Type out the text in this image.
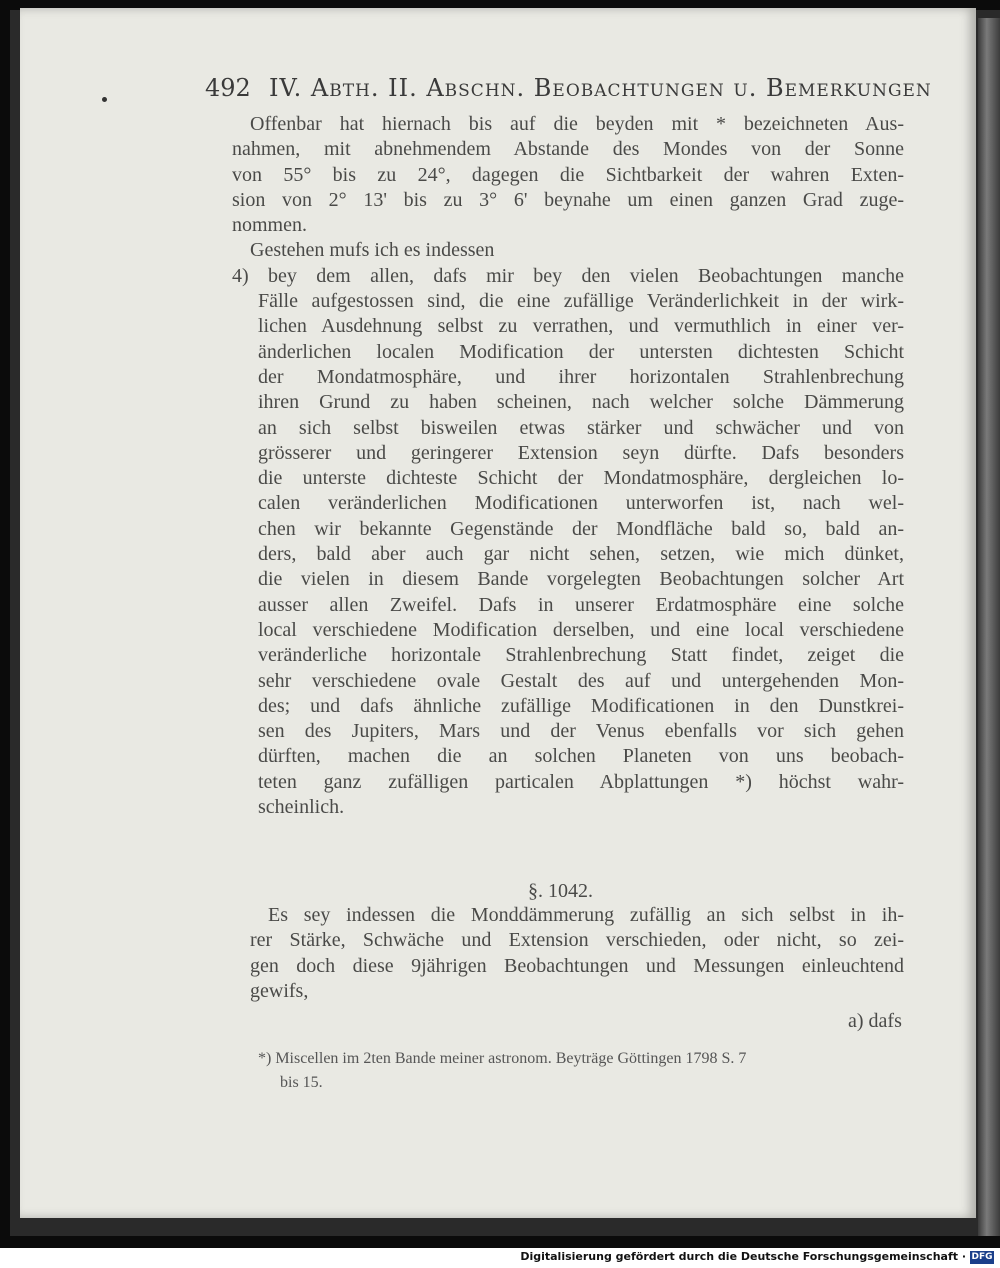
492 IV. Abth. II. Abschn. Beobachtungen u. Bemerkungen
Offenbar hat hiernach bis auf die beyden mit * bezeichneten Aus-
nahmen, mit abnehmendem Abstande des Mondes von der Sonne
von 55° bis zu 24°, dagegen die Sichtbarkeit der wahren Exten-
sion von 2° 13' bis zu 3° 6' beynahe um einen ganzen Grad zuge-
nommen.
Gestehen mufs ich es indessen
4) bey dem allen, dafs mir bey den vielen Beobachtungen manche
Fälle aufgestossen sind, die eine zufällige Veränderlichkeit in der wirk-
lichen Ausdehnung selbst zu verrathen, und vermuthlich in einer ver-
änderlichen localen Modification der untersten dichtesten Schicht
der Mondatmosphäre, und ihrer horizontalen Strahlenbrechung
ihren Grund zu haben scheinen, nach welcher solche Dämmerung
an sich selbst bisweilen etwas stärker und schwächer und von
grösserer und geringerer Extension seyn dürfte. Dafs besonders
die unterste dichteste Schicht der Mondatmosphäre, dergleichen lo-
calen veränderlichen Modificationen unterworfen ist, nach wel-
chen wir bekannte Gegenstände der Mondfläche bald so, bald an-
ders, bald aber auch gar nicht sehen, setzen, wie mich dünket,
die vielen in diesem Bande vorgelegten Beobachtungen solcher Art
ausser allen Zweifel. Dafs in unserer Erdatmosphäre eine solche
local verschiedene Modification derselben, und eine local verschiedene
veränderliche horizontale Strahlenbrechung Statt findet, zeiget die
sehr verschiedene ovale Gestalt des auf und untergehenden Mon-
des; und dafs ähnliche zufällige Modificationen in den Dunstkrei-
sen des Jupiters, Mars und der Venus ebenfalls vor sich gehen
dürften, machen die an solchen Planeten von uns beobach-
teten ganz zufälligen particalen Abplattungen *) höchst wahr-
scheinlich.
§. 1042.
Es sey indessen die Monddämmerung zufällig an sich selbst in ih-
rer Stärke, Schwäche und Extension verschieden, oder nicht, so zei-
gen doch diese 9jährigen Beobachtungen und Messungen einleuchtend
gewifs,
a) dafs
*) Miscellen im 2ten Bande meiner astronom. Beyträge Göttingen 1798 S. 7
bis 15.
Digitalisierung gefördert durch die Deutsche Forschungsgemeinschaft · DFG
